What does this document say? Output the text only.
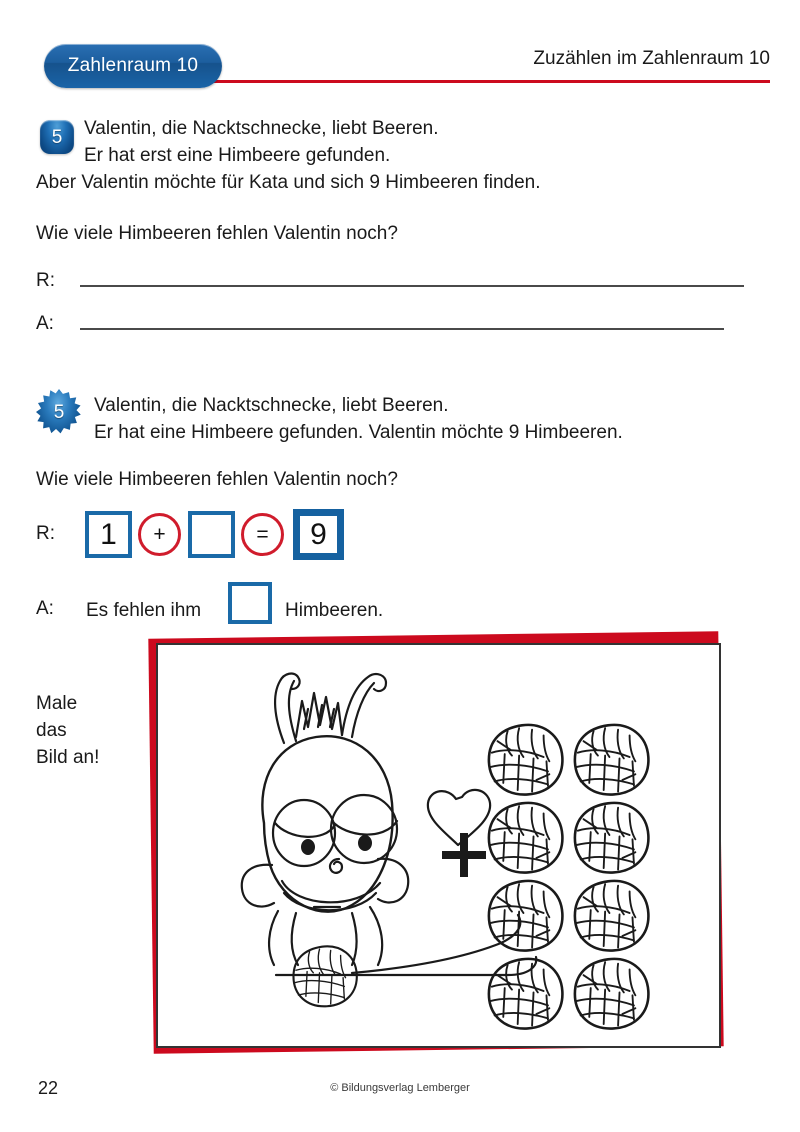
Zahlenraum 10	Zuzählen im Zahlenraum 10
5 Valentin, die Nacktschnecke, liebt Beeren.
Er hat erst eine Himbeere gefunden.
Aber Valentin möchte für Kata und sich 9 Himbeeren finden.
Wie viele Himbeeren fehlen Valentin noch?
R:
A:
5 Valentin, die Nacktschnecke, liebt Beeren.
Er hat eine Himbeere gefunden. Valentin möchte 9 Himbeeren.
Wie viele Himbeeren fehlen Valentin noch?
R:	1	+	=	9
A: Es fehlen ihm	Himbeeren.
Male
das
Bild an!
22	© Bildungsverlag Lemberger
